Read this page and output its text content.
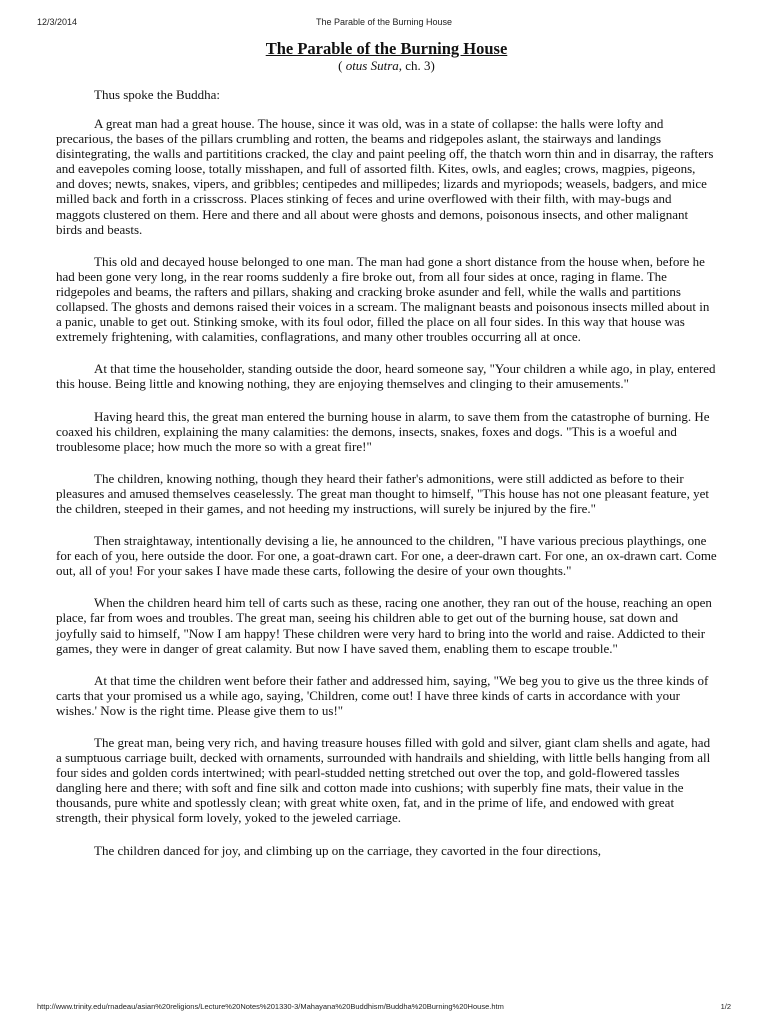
12/3/2014	The Parable of the Burning House
The Parable of the Burning House
( otus Sutra, ch. 3)
Thus spoke the Buddha:

A great man had a great house. The house, since it was old, was in a state of collapse: the halls were lofty and precarious, the bases of the pillars crumbling and rotten, the beams and ridgepoles aslant, the stairways and landings disintegrating, the walls and partititions cracked, the clay and paint peeling off, the thatch worn thin and in disarray, the rafters and eavepoles coming loose, totally misshapen, and full of assorted filth. Kites, owls, and eagles; crows, magpies, pigeons, and doves; newts, snakes, vipers, and gribbles; centipedes and millipedes; lizards and myriopods; weasels, badgers, and mice milled back and forth in a crisscross. Places stinking of feces and urine overflowed with their filth, with may-bugs and maggots clustered on them. Here and there and all about were ghosts and demons, poisonous insects, and other malignant birds and beasts.

This old and decayed house belonged to one man. The man had gone a short distance from the house when, before he had been gone very long, in the rear rooms suddenly a fire broke out, from all four sides at once, raging in flame. The ridgepoles and beams, the rafters and pillars, shaking and cracking broke asunder and fell, while the walls and partitions collapsed. The ghosts and demons raised their voices in a scream. The malignant beasts and poisonous insects milled about in a panic, unable to get out. Stinking smoke, with its foul odor, filled the place on all four sides. In this way that house was extremely frightening, with calamities, conflagrations, and many other troubles occurring all at once.

At that time the householder, standing outside the door, heard someone say, "Your children a while ago, in play, entered this house. Being little and knowing nothing, they are enjoying themselves and clinging to their amusements."

Having heard this, the great man entered the burning house in alarm, to save them from the catastrophe of burning. He coaxed his children, explaining the many calamities: the demons, insects, snakes, foxes and dogs. "This is a woeful and troublesome place; how much the more so with a great fire!"

The children, knowing nothing, though they heard their father's admonitions, were still addicted as before to their pleasures and amused themselves ceaselessly. The great man thought to himself, "This house has not one pleasant feature, yet the children, steeped in their games, and not heeding my instructions, will surely be injured by the fire."

Then straightaway, intentionally devising a lie, he announced to the children, "I have various precious playthings, one for each of you, here outside the door. For one, a goat-drawn cart. For one, a deer-drawn cart. For one, an ox-drawn cart. Come out, all of you! For your sakes I have made these carts, following the desire of your own thoughts."

When the children heard him tell of carts such as these, racing one another, they ran out of the house, reaching an open place, far from woes and troubles. The great man, seeing his children able to get out of the burning house, sat down and joyfully said to himself, "Now I am happy! These children were very hard to bring into the world and raise. Addicted to their games, they were in danger of great calamity. But now I have saved them, enabling them to escape trouble."

At that time the children went before their father and addressed him, saying, "We beg you to give us the three kinds of carts that your promised us a while ago, saying, 'Children, come out! I have three kinds of carts in accordance with your wishes.' Now is the right time. Please give them to us!"

The great man, being very rich, and having treasure houses filled with gold and silver, giant clam shells and agate, had a sumptuous carriage built, decked with ornaments, surrounded with handrails and shielding, with little bells hanging from all four sides and golden cords intertwined; with pearl-studded netting stretched out over the top, and gold-flowered tassles dangling here and there; with soft and fine silk and cotton made into cushions; with superbly fine mats, their value in the thousands, pure white and spotlessly clean; with great white oxen, fat, and in the prime of life, and endowed with great strength, their physical form lovely, yoked to the jeweled carriage.

The children danced for joy, and climbing up on the carriage, they cavorted in the four directions,

http://www.trinity.edu/rnadeau/asian%20religions/Lecture%20Notes%201330-3/Mahayana%20Buddhism/Buddha%20Burning%20House.htm	1/2
